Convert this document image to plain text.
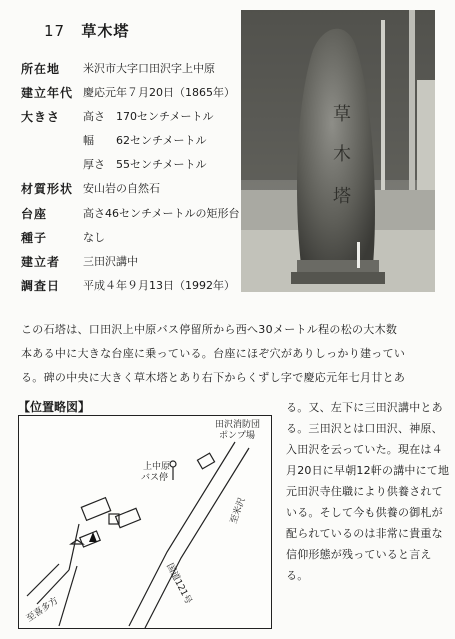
17 草木塔
所在地	米沢市大字口田沢字上中原
建立年代 慶応元年７月20日（1865年）
大きさ	高さ　170センチメートル
幅　　62センチメートル
厚さ　55センチメートル
材質形状 安山岩の自然石
台座	高さ46センチメートルの矩形台
種子	なし
建立者	三田沢講中
調査日	平成４年９月13日（1992年）
草
木
塔
この石塔は、口田沢上中原バス停留所から西へ30メートル程の松の大木数
本ある中に大きな台座に乗っている。台座にほぞ穴がありしっかり建ってい
る。碑の中央に大きく草木塔とあり右下からくずし字で慶応元年七月廿とあ
【位置略図】
田沢消防団
ポンプ場
上中原
バス停
至米沢
国道121号
至喜多方
る。又、左下に三田沢講中とあ
る。三田沢とは口田沢、神原、
入田沢を云っていた。現在は４
月20日に早朝12軒の講中にて地
元田沢寺住職により供養されて
いる。そして今も供養の御札が
配られているのは非常に貴重な
信仰形態が残っていると言え
る。
